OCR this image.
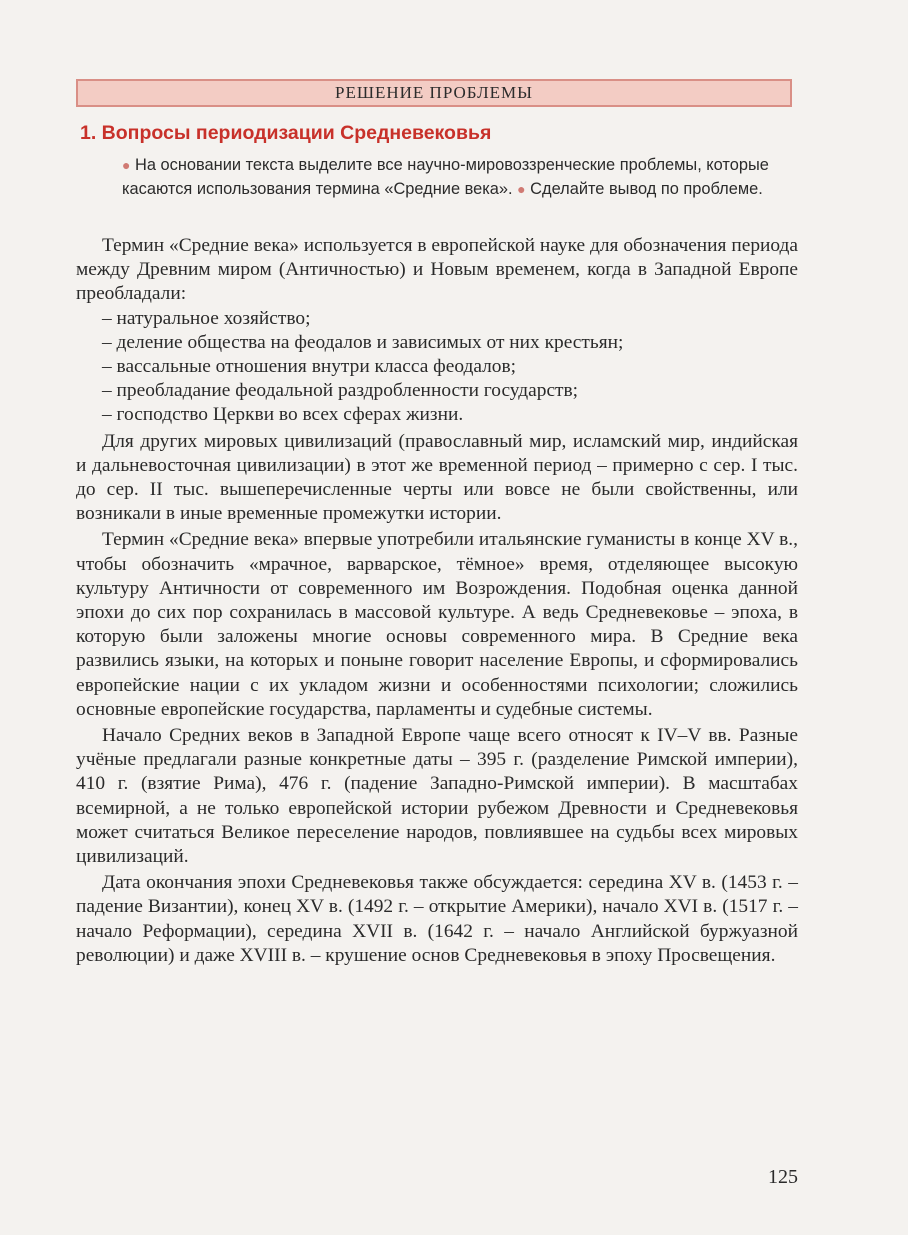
РЕШЕНИЕ ПРОБЛЕМЫ
1. Вопросы периодизации Средневековья
● На основании текста выделите все научно-мировоззренческие проблемы, которые касаются использования термина «Средние века». ● Сделайте вывод по проблеме.

Термин «Средние века» используется в европейской науке для обозначения периода между Древним миром (Античностью) и Новым временем, когда в Западной Европе преобладали:

– натуральное хозяйство;
– деление общества на феодалов и зависимых от них крестьян;
– вассальные отношения внутри класса феодалов;
– преобладание феодальной раздробленности государств;
– господство Церкви во всех сферах жизни.

Для других мировых цивилизаций (православный мир, исламский мир, индийская и дальневосточная цивилизации) в этот же временной период – примерно с сер. I тыс. до сер. II тыс. вышеперечисленные черты или вовсе не были свойственны, или возникали в иные временные промежутки истории.

Термин «Средние века» впервые употребили итальянские гуманисты в конце XV в., чтобы обозначить «мрачное, варварское, тёмное» время, отделяющее высокую культуру Античности от современного им Возрождения. Подобная оценка данной эпохи до сих пор сохранилась в массовой культуре. А ведь Средневековье – эпоха, в которую были заложены многие основы современного мира. В Средние века развились языки, на которых и поныне говорит население Европы, и сформировались европейские нации с их укладом жизни и особенностями психологии; сложились основные европейские государства, парламенты и судебные системы.

Начало Средних веков в Западной Европе чаще всего относят к IV–V вв. Разные учёные предлагали разные конкретные даты – 395 г. (разделение Римской империи), 410 г. (взятие Рима), 476 г. (падение Западно-Римской империи). В масштабах всемирной, а не только европейской истории рубежом Древности и Средневековья может считаться Великое переселение народов, повлиявшее на судьбы всех мировых цивилизаций.

Дата окончания эпохи Средневековья также обсуждается: середина XV в. (1453 г. – падение Византии), конец XV в. (1492 г. – открытие Америки), начало XVI в. (1517 г. – начало Реформации), середина XVII в. (1642 г. – начало Английской буржуазной революции) и даже XVIII в. – крушение основ Средневековья в эпоху Просвещения.

125
